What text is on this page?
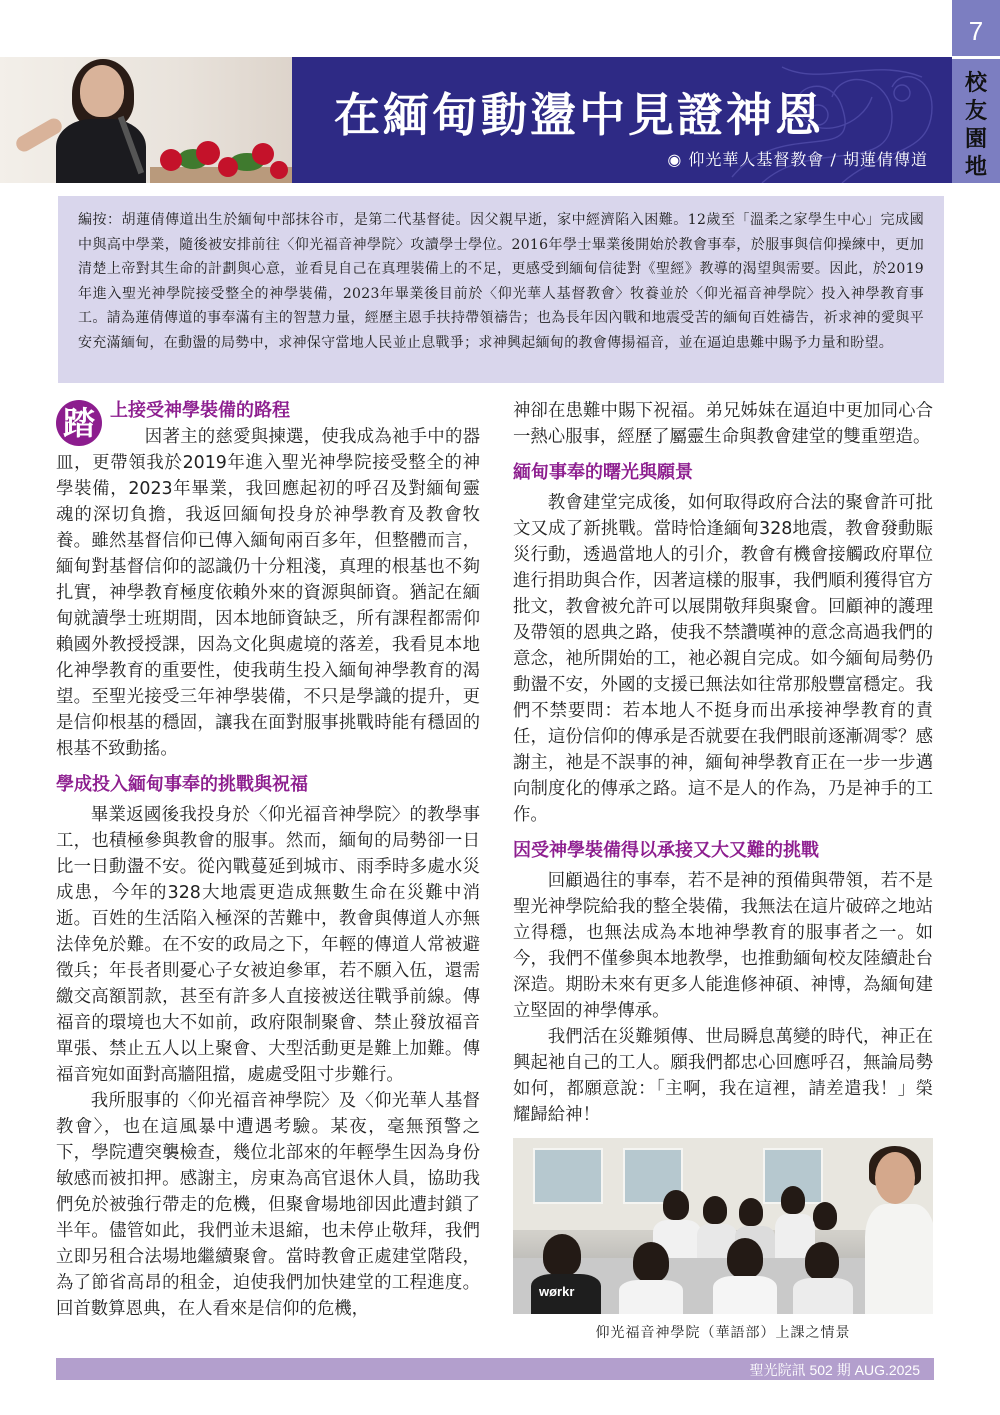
在緬甸動盪中見證神恩
◉ 仰光華人基督教會 / 胡蓮倩傳道
7
校
友
園
地
編按：胡蓮倩傳道出生於緬甸中部抹谷市，是第二代基督徒。因父親早逝，家中經濟陷入困難。12歲至「溫柔之家學生中心」完成國中與高中學業，隨後被安排前往〈仰光福音神學院〉攻讀學士學位。2016年學士畢業後開始於教會事奉，於服事與信仰操練中，更加清楚上帝對其生命的計劃與心意，並看見自己在真理裝備上的不足，更感受到緬甸信徒對《聖經》教導的渴望與需要。因此，於2019年進入聖光神學院接受整全的神學裝備，2023年畢業後目前於〈仰光華人基督教會〉牧養並於〈仰光福音神學院〉投入神學教育事工。請為蓮倩傳道的事奉滿有主的智慧力量，經歷主恩手扶持帶領禱告；也為長年因內戰和地震受苦的緬甸百姓禱告，祈求神的愛與平安充滿緬甸，在動盪的局勢中，求神保守當地人民並止息戰爭；求神興起緬甸的教會傳揚福音，並在逼迫患難中賜予力量和盼望。
踏 上接受神學裝備的路程

因著主的慈愛與揀選，使我成為祂手中的器皿，更帶領我於2019年進入聖光神學院接受整全的神學裝備，2023年畢業，我回應起初的呼召及對緬甸靈魂的深切負擔，我返回緬甸投身於神學教育及教會牧養。雖然基督信仰已傳入緬甸兩百多年，但整體而言，緬甸對基督信仰的認識仍十分粗淺，真理的根基也不夠扎實，神學教育極度依賴外來的資源與師資。猶記在緬甸就讀學士班期間，因本地師資缺乏，所有課程都需仰賴國外教授授課，因為文化與處境的落差，我看見本地化神學教育的重要性，使我萌生投入緬甸神學教育的渴望。至聖光接受三年神學裝備，不只是學識的提升，更是信仰根基的穩固，讓我在面對服事挑戰時能有穩固的根基不致動搖。

學成投入緬甸事奉的挑戰與祝福

畢業返國後我投身於〈仰光福音神學院〉的教學事工，也積極參與教會的服事。然而，緬甸的局勢卻一日比一日動盪不安。從內戰蔓延到城市、雨季時多處水災成患，今年的328大地震更造成無數生命在災難中消逝。百姓的生活陷入極深的苦難中，教會與傳道人亦無法倖免於難。在不安的政局之下，年輕的傳道人常被避徵兵；年長者則憂心子女被迫參軍，若不願入伍，還需繳交高額罰款，甚至有許多人直接被送往戰爭前線。傳福音的環境也大不如前，政府限制聚會、禁止發放福音單張、禁止五人以上聚會、大型活動更是難上加難。傳福音宛如面對高牆阻擋，處處受阻寸步難行。

我所服事的〈仰光福音神學院〉及〈仰光華人基督教會〉，也在這風暴中遭遇考驗。某夜，毫無預警之下，學院遭突襲檢查，幾位北部來的年輕學生因為身份敏感而被扣押。感謝主，房東為高官退休人員，協助我們免於被強行帶走的危機，但聚會場地卻因此遭封鎖了半年。儘管如此，我們並未退縮，也未停止敬拜，我們立即另租合法場地繼續聚會。當時教會正處建堂階段，為了節省高昂的租金，迫使我們加快建堂的工程進度。回首數算恩典，在人看來是信仰的危機，

神卻在患難中賜下祝福。弟兄姊妹在逼迫中更加同心合一熱心服事，經歷了屬靈生命與教會建堂的雙重塑造。

緬甸事奉的曙光與願景

教會建堂完成後，如何取得政府合法的聚會許可批文又成了新挑戰。當時恰逢緬甸328地震，教會發動賑災行動，透過當地人的引介，教會有機會接觸政府單位進行捐助與合作，因著這樣的服事，我們順利獲得官方批文，教會被允許可以展開敬拜與聚會。回顧神的護理及帶領的恩典之路，使我不禁讚嘆神的意念高過我們的意念，祂所開始的工，祂必親自完成。如今緬甸局勢仍動盪不安，外國的支援已無法如往常那般豐富穩定。我們不禁要問：若本地人不挺身而出承接神學教育的責任，這份信仰的傳承是否就要在我們眼前逐漸凋零？感謝主，祂是不誤事的神，緬甸神學教育正在一步一步邁向制度化的傳承之路。這不是人的作為，乃是神手的工作。

因受神學裝備得以承接又大又難的挑戰

回顧過往的事奉，若不是神的預備與帶領，若不是聖光神學院給我的整全裝備，我無法在這片破碎之地站立得穩，也無法成為本地神學教育的服事者之一。如今，我們不僅參與本地教學，也推動緬甸校友陸續赴台深造。期盼未來有更多人能進修神碩、神博，為緬甸建立堅固的神學傳承。

我們活在災難頻傳、世局瞬息萬變的時代，神正在興起祂自己的工人。願我們都忠心回應呼召，無論局勢如何，都願意說：「主啊，我在這裡，請差遣我！」榮耀歸給神！

wørkr
仰光福音神學院（華語部）上課之情景
聖光院訊 502 期 AUG.2025
